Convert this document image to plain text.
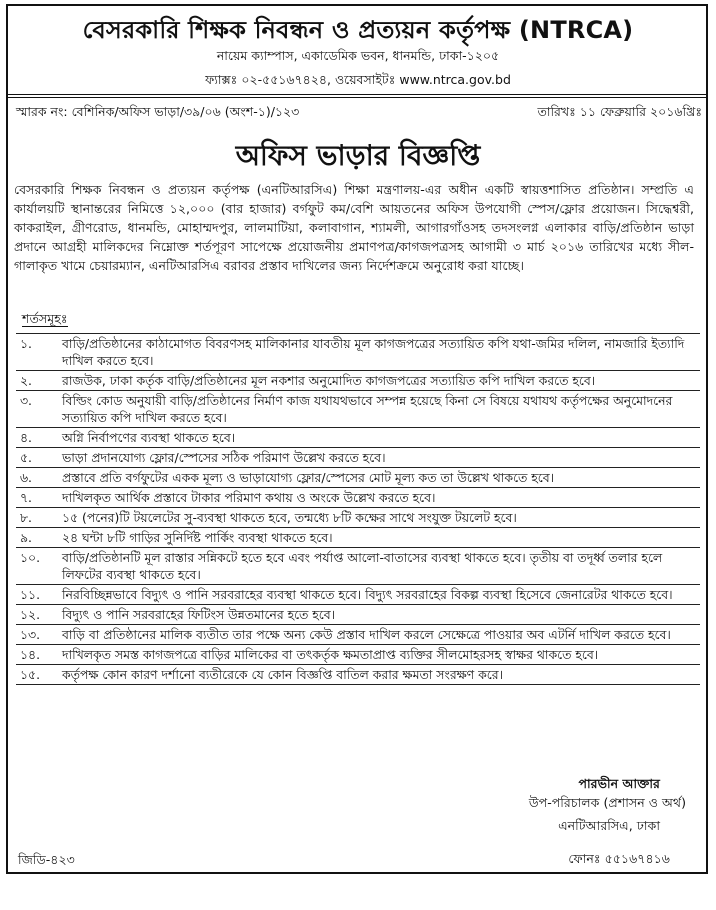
বেসরকারি শিক্ষক নিবন্ধন ও প্রত্যয়ন কর্তৃপক্ষ (NTRCA)
নায়েম ক্যাম্পাস, একাডেমিক ভবন, ধানমন্ডি, ঢাকা-১২০৫
ফ্যাক্সঃ ০২-৫৫১৬৭৪২৪, ওয়েবসাইটঃ www.ntrca.gov.bd
স্মারক নং: বেশিনিক/অফিস ভাড়া/৩৯/০৬ (অংশ-১)/১২৩	তারিখঃ ১১ ফেব্রুয়ারি ২০১৬খ্রিঃ
অফিস ভাড়ার বিজ্ঞপ্তি
বেসরকারি শিক্ষক নিবন্ধন ও প্রত্যয়ন কর্তৃপক্ষ (এনটিআরসিএ) শিক্ষা মন্ত্রণালয়-এর অধীন একটি স্বায়ত্তশাসিত প্রতিষ্ঠান। সম্প্রতি এ কার্যালয়টি স্থানান্তরের নিমিত্তে ১২,০০০ (বার হাজার) বর্গফুট কম/বেশি আয়তনের অফিস উপযোগী স্পেস/ফ্লোর প্রয়োজন। সিদ্ধেশ্বরী, কাকরাইল, গ্রীণরোড, ধানমন্ডি, মোহাম্মদপুর, লালমাটিয়া, কলাবাগান, শ্যামলী, আগারগাঁওসহ তদসংলগ্ন এলাকার বাড়ি/প্রতিষ্ঠান ভাড়া প্রদানে আগ্রহী মালিকদের নিম্নোক্ত শর্তপূরণ সাপেক্ষে প্রয়োজনীয় প্রমাণপত্র/কাগজপত্রসহ আগামী ৩ মার্চ ২০১৬ তারিখের মধ্যে সীল-গালাকৃত খামে চেয়ারম্যান, এনটিআরসিএ বরাবর প্রস্তাব দাখিলের জন্য নির্দেশক্রমে অনুরোধ করা যাচ্ছে।
শর্তসমূহঃ
১. বাড়ি/প্রতিষ্ঠানের কাঠামোগত বিবরণসহ মালিকানার যাবতীয় মূল কাগজপত্রের সত্যায়িত কপি যথা-জমির দলিল, নামজারি ইত্যাদি দাখিল করতে হবে।
২. রাজউক, ঢাকা কর্তৃক বাড়ি/প্রতিষ্ঠানের মূল নকশার অনুমোদিত কাগজপত্রের সত্যায়িত কপি দাখিল করতে হবে।
৩. বিল্ডিং কোড অনুযায়ী বাড়ি/প্রতিষ্ঠানের নির্মাণ কাজ যথাযথভাবে সম্পন্ন হয়েছে কিনা সে বিষয়ে যথাযথ কর্তৃপক্ষের অনুমোদনের সত্যায়িত কপি দাখিল করতে হবে।
৪. অগ্নি নির্বাপণের ব্যবস্থা থাকতে হবে।
৫. ভাড়া প্রদানযোগ্য ফ্লোর/স্পেসের সঠিক পরিমাণ উল্লেখ করতে হবে।
৬. প্রস্তাবে প্রতি বর্গফুটের একক মূল্য ও ভাড়াযোগ্য ফ্লোর/স্পেসের মোট মূল্য কত তা উল্লেখ থাকতে হবে।
৭. দাখিলকৃত আর্থিক প্রস্তাবে টাকার পরিমাণ কথায় ও অংকে উল্লেখ করতে হবে।
৮. ১৫ (পনের)টি টয়লেটের সু-ব্যবস্থা থাকতে হবে, তন্মধ্যে ৮টি কক্ষের সাথে সংযুক্ত টয়লেট হবে।
৯. ২৪ ঘন্টা ৮টি গাড়ির সুনির্দিষ্ট পার্কিং ব্যবস্থা থাকতে হবে।
১০. বাড়ি/প্রতিষ্ঠানটি মূল রাস্তার সন্নিকটে হতে হবে এবং পর্যাপ্ত আলো-বাতাসের ব্যবস্থা থাকতে হবে। তৃতীয় বা তদূর্ধ্ব তলার হলে লিফটের ব্যবস্থা থাকতে হবে।
১১. নিরবিচ্ছিন্নভাবে বিদ্যুৎ ও পানি সরবরাহের ব্যবস্থা থাকতে হবে। বিদ্যুৎ সরবরাহের বিকল্প ব্যবস্থা হিসেবে জেনারেটর থাকতে হবে।
১২. বিদ্যুৎ ও পানি সরবরাহের ফিটিংস উন্নতমানের হতে হবে।
১৩. বাড়ি বা প্রতিষ্ঠানের মালিক ব্যতীত তার পক্ষে অন্য কেউ প্রস্তাব দাখিল করলে সেক্ষেত্রে পাওয়ার অব এটর্নি দাখিল করতে হবে।
১৪. দাখিলকৃত সমস্ত কাগজপত্রে বাড়ির মালিকের বা তৎকর্তৃক ক্ষমতাপ্রাপ্ত ব্যক্তির সীলমোহরসহ স্বাক্ষর থাকতে হবে।
১৫. কর্তৃপক্ষ কোন কারণ দর্শানো ব্যতীরেকে যে কোন বিজ্ঞপ্তি বাতিল করার ক্ষমতা সংরক্ষণ করে।
পারভীন আক্তার
উপ-পরিচালক (প্রশাসন ও অর্থ)
এনটিআরসিএ, ঢাকা
ফোনঃ ৫৫১৬৭৪১৬
জিডি-৪২৩
